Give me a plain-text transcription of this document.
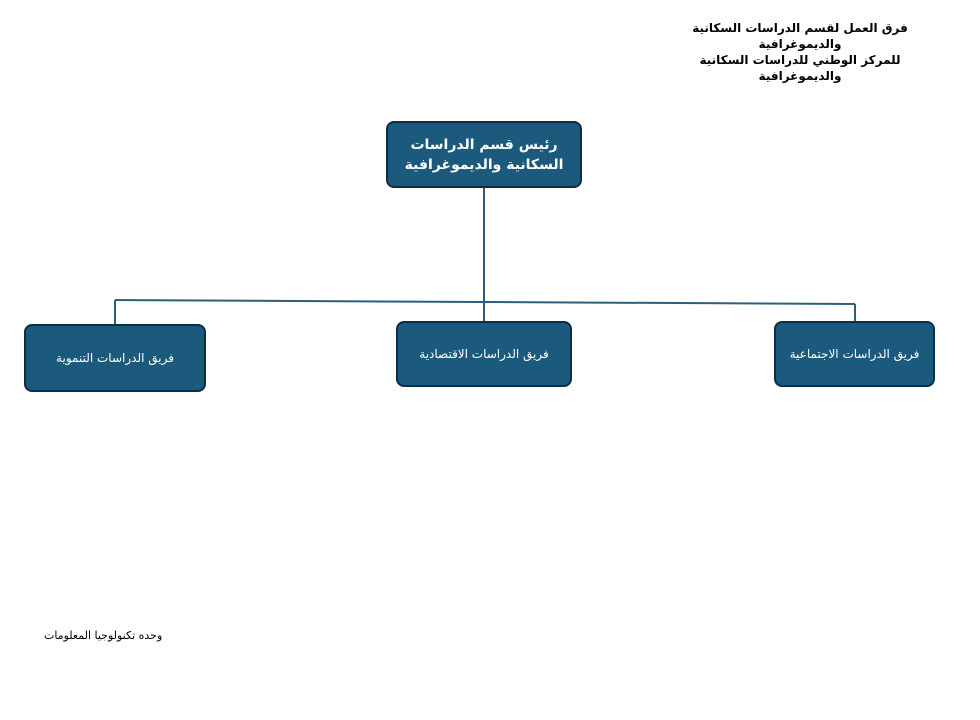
فرق العمل لقسم الدراسات السكانية
والديموغرافية
للمركز الوطني للدراسات السكانية
والديموغرافية
رئيس قسم الدراسات
السكانية والديموغرافية
فريق الدراسات التنموية	فريق الدراسات الاقتصادية	فريق الدراسات الاجتماعية
وحده تكنولوجيا المعلومات
